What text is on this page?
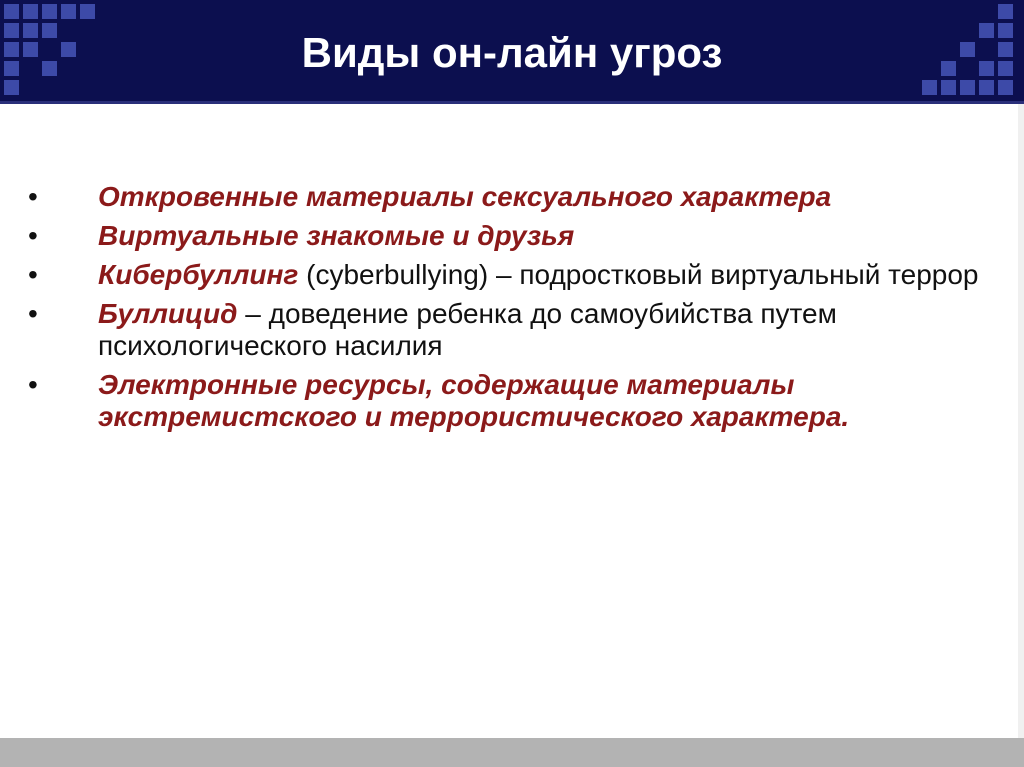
Виды он-лайн угроз
• Откровенные материалы сексуального характера
• Виртуальные знакомые и друзья
• Кибербуллинг (cyberbullying) – подростковый виртуальный террор
• Буллицид – доведение ребенка до самоубийства путем психологического насилия
• Электронные ресурсы, содержащие материалы экстремистского и террористического характера.
